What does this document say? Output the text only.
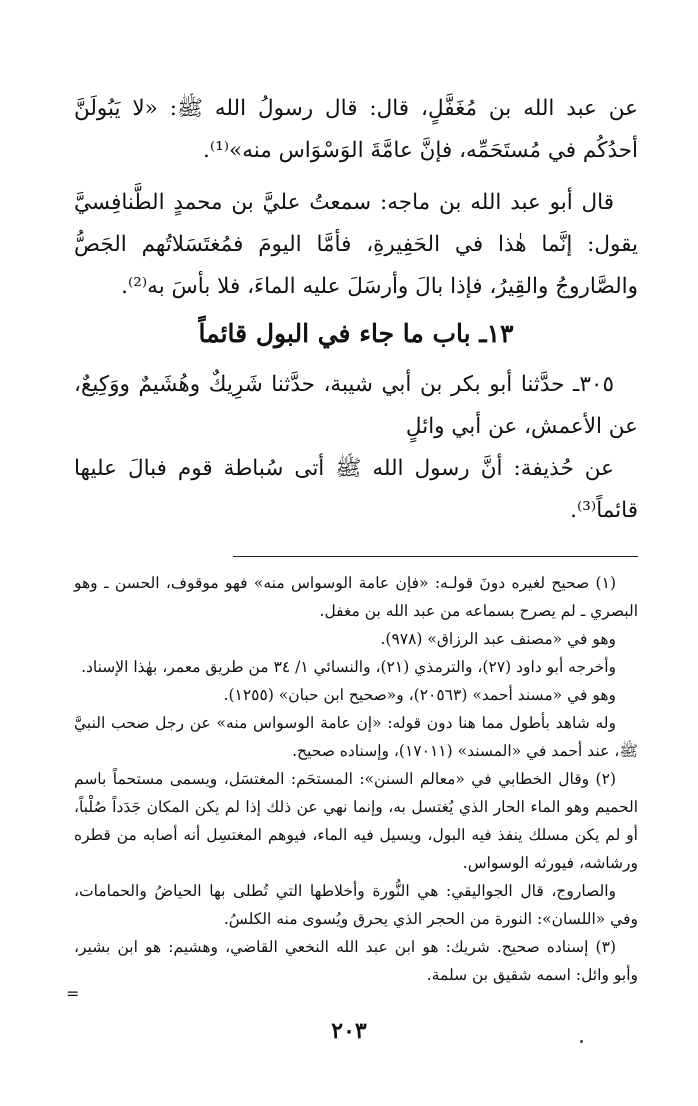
عن عبد الله بن مُغَفَّلٍ، قال: قال رسولُ الله ﷺ: «لا يَبُولَنَّ أحدُكُم في مُستَحَمِّه، فإنَّ عامَّةَ الوَسْوَاس منه»⁽¹⁾.

قال أبو عبد الله بن ماجه: سمعتُ عليَّ بن محمدٍ الطَّنافِسيَّ يقول: إنَّما هٰذا في الحَفِيرةِ، فأمَّا اليومَ فمُغتَسَلاتُهم الجَصُّ والصَّاروجُ والقِيرُ، فإذا بالَ وأرسَلَ عليه الماءَ، فلا بأسَ به⁽²⁾.

١٣ـ باب ما جاء في البول قائماً

٣٠٥ـ حدَّثنا أبو بكر بن أبي شيبة، حدَّثنا شَرِيكٌ وهُشَيمٌ ووَكِيعٌ، عن الأعمش، عن أبي وائلٍ

عن حُذيفة: أنَّ رسول الله ﷺ أتى سُباطة قوم فبالَ عليها قائماً⁽³⁾.

(١) صحيح لغيره دونَ قولـه: «فإن عامة الوسواس منه» فهو موقوف، الحسن ـ وهو البصري ـ لم يصرح بسماعه من عبد الله بن مغفل.

وهو في «مصنف عبد الرزاق» (٩٧٨).

وأخرجه أبو داود (٢٧)، والترمذي (٢١)، والنسائي ١/ ٣٤ من طريق معمر، بهٰذا الإسناد.

وهو في «مسند أحمد» (٢٠٥٦٣)، و«صحيح ابن حبان» (١٢٥٥).

وله شاهد بأطول مما هنا دون قوله: «إن عامة الوسواس منه» عن رجل صحب النبيَّ ﷺ، عند أحمد في «المسند» (١٧٠١١)، وإسناده صحيح.

(٢) وقال الخطابي في «معالم السنن»: المستحَم: المغتسَل، ويسمى مستحماً باسم الحميم وهو الماء الحار الذي يُغتسل به، وإنما نهي عن ذلك إذا لم يكن المكان جَدَداً صُلْباً، أو لم يكن مسلك ينفذ فيه البول، ويسيل فيه الماء، فيوهم المغتسِل أنه أصابه من قطره ورشاشه، فيورثه الوسواس.

والصاروج، قال الجواليقي: هي النُّورة وأخلاطها التي تُطلى بها الحياضُ والحمامات، وفي «اللسان»: النورة من الحجر الذي يحرق ويُسوى منه الكلسُ.

(٣) إسناده صحيح. شريك: هو ابن عبد الله النخعي القاضي، وهشيم: هو ابن بشير، وأبو وائل: اسمه شقيق بن سلمة.

=
٢٠٣
